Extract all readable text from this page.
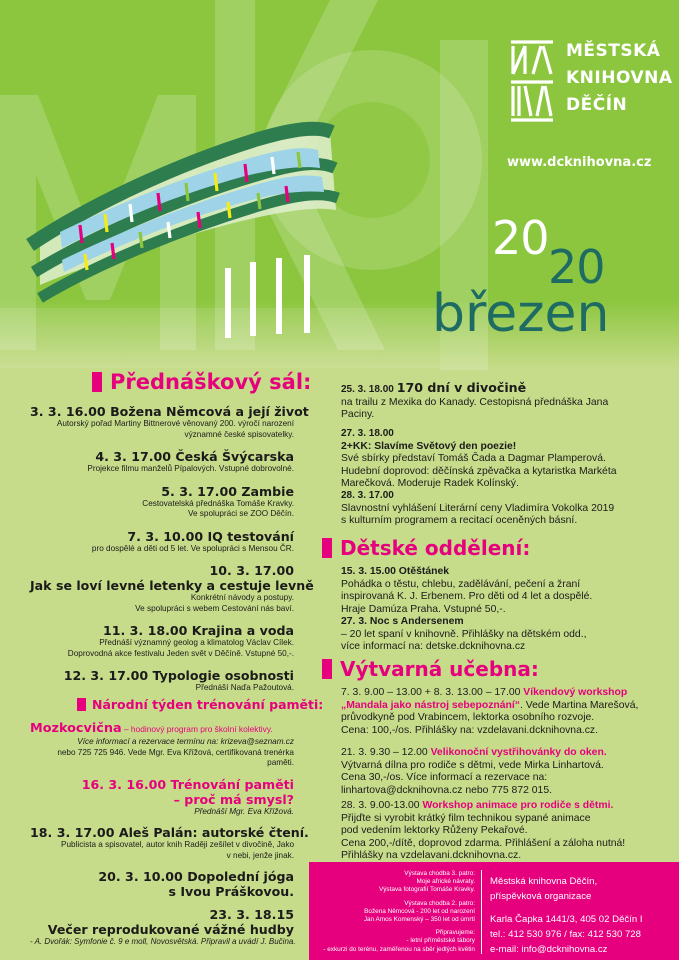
MĚSTSKÁ
KNIHOVNA
DĚČÍN
www.dcknihovna.cz
20
20
březen
Přednáškový sál:
3. 3. 16.00 Božena Němcová a její život
Autorský pořad Martiny Bittnerové věnovaný 200. výročí narození
významné české spisovatelky.
4. 3. 17.00 Česká Švýcarska
Projekce filmu manželů Pípalových. Vstupné dobrovolné.
5. 3. 17.00 Zambie
Cestovatelská přednáška Tomáše Kravky.
Ve spolupráci se ZOO Děčín.
7. 3. 10.00 IQ testování
pro dospělé a děti od 5 let. Ve spolupráci s Mensou ČR.
10. 3. 17.00
Jak se loví levné letenky a cestuje levně
Konkrétní návody a postupy.
Ve spolupráci s webem Cestování nás baví.
11. 3. 18.00 Krajina a voda
Přednáší významný geolog a klimatolog Václav Cílek.
Doprovodná akce festivalu Jeden svět v Děčíně. Vstupné 50,-.
12. 3. 17.00 Typologie osobnosti
Přednáší Naďa Pažoutová.
Národní týden trénování paměti:
Mozkocvična – hodinový program pro školní kolektivy.
Více informací a rezervace termínu na: krizeva@seznam.cz
nebo 725 725 946. Vede Mgr. Eva Křížová, certifikovaná trenérka
paměti.
16. 3. 16.00 Trénování paměti
– proč má smysl?
Přednáší Mgr. Eva Křížová.
18. 3. 17.00 Aleš Palán: autorské čtení.
Publicista a spisovatel, autor knih Raději zešílet v divočině, Jako
v nebi, jenže jinak.
20. 3. 10.00 Dopolední jóga
s Ivou Práškovou.
23. 3. 18.15
Večer reprodukované vážné hudby
- A. Dvořák: Symfonie č. 9 e moll, Novosvětská. Připravil a uvádí J. Bučina.
25. 3. 18.00 170 dní v divočině
na trailu z Mexika do Kanady. Cestopisná přednáška Jana
Paciny.
27. 3. 18.00
2+KK: Slavíme Světový den poezie!
Své sbírky představí Tomáš Čada a Dagmar Plamperová.
Hudební doprovod: děčínská zpěvačka a kytaristka Markéta
Marečková. Moderuje Radek Kolínský.
28. 3. 17.00
Slavnostní vyhlášení Literární ceny Vladimíra Vokolka 2019
s kulturním programem a recitací oceněných básní.
Dětské oddělení:
15. 3. 15.00 Otěštánek
Pohádka o těstu, chlebu, zadělávání, pečení a žraní
inspirovaná K. J. Erbenem. Pro děti od 4 let a dospělé.
Hraje Damúza Praha. Vstupné 50,-.
27. 3. Noc s Andersenem
– 20 let spaní v knihovně. Přihlášky na dětském odd.,
více informací na: detske.dcknihovna.cz
Výtvarná učebna:
7. 3. 9.00 – 13.00 + 8. 3. 13.00 – 17.00 Víkendový workshop
„Mandala jako nástroj sebepoznání“. Vede Martina Marešová,
průvodkyně pod Vrabincem, lektorka osobního rozvoje.
Cena: 100,-/os. Přihlášky na: vzdelavani.dcknihovna.cz.
21. 3. 9.30 – 12.00 Velikonoční vystřihovánky do oken.
Výtvarná dílna pro rodiče s dětmi, vede Mirka Linhartová.
Cena 30,-/os. Více informací a rezervace na:
linhartova@dcknihovna.cz nebo 775 872 015.
28. 3. 9.00-13.00 Workshop animace pro rodiče s dětmi.
Přijďte si vyrobit krátký film technikou sypané animace
pod vedením lektorky Růženy Pekařové.
Cena 200,-/dítě, doprovod zdarma. Přihlášení a záloha nutná!
Přihlášky na vzdelavani.dcknihovna.cz.
Výstava chodba 3. patro:
Moje africké návraty.
Výstava fotografií Tomáše Kravky.
Výstava chodba 2. patro:
Božena Němcová - 200 let od narození
Jan Amos Komenský – 350 let od úmrtí
Připravujeme:
- letní příměstské tábory
- exkurzi do terénu, zaměřenou na sběr jedlých květin
Městská knihovna Děčín,
příspěvková organizace
Karla Čapka 1441/3, 405 02 Děčín I
tel.: 412 530 976 / fax: 412 530 728
e-mail: info@dcknihovna.cz
